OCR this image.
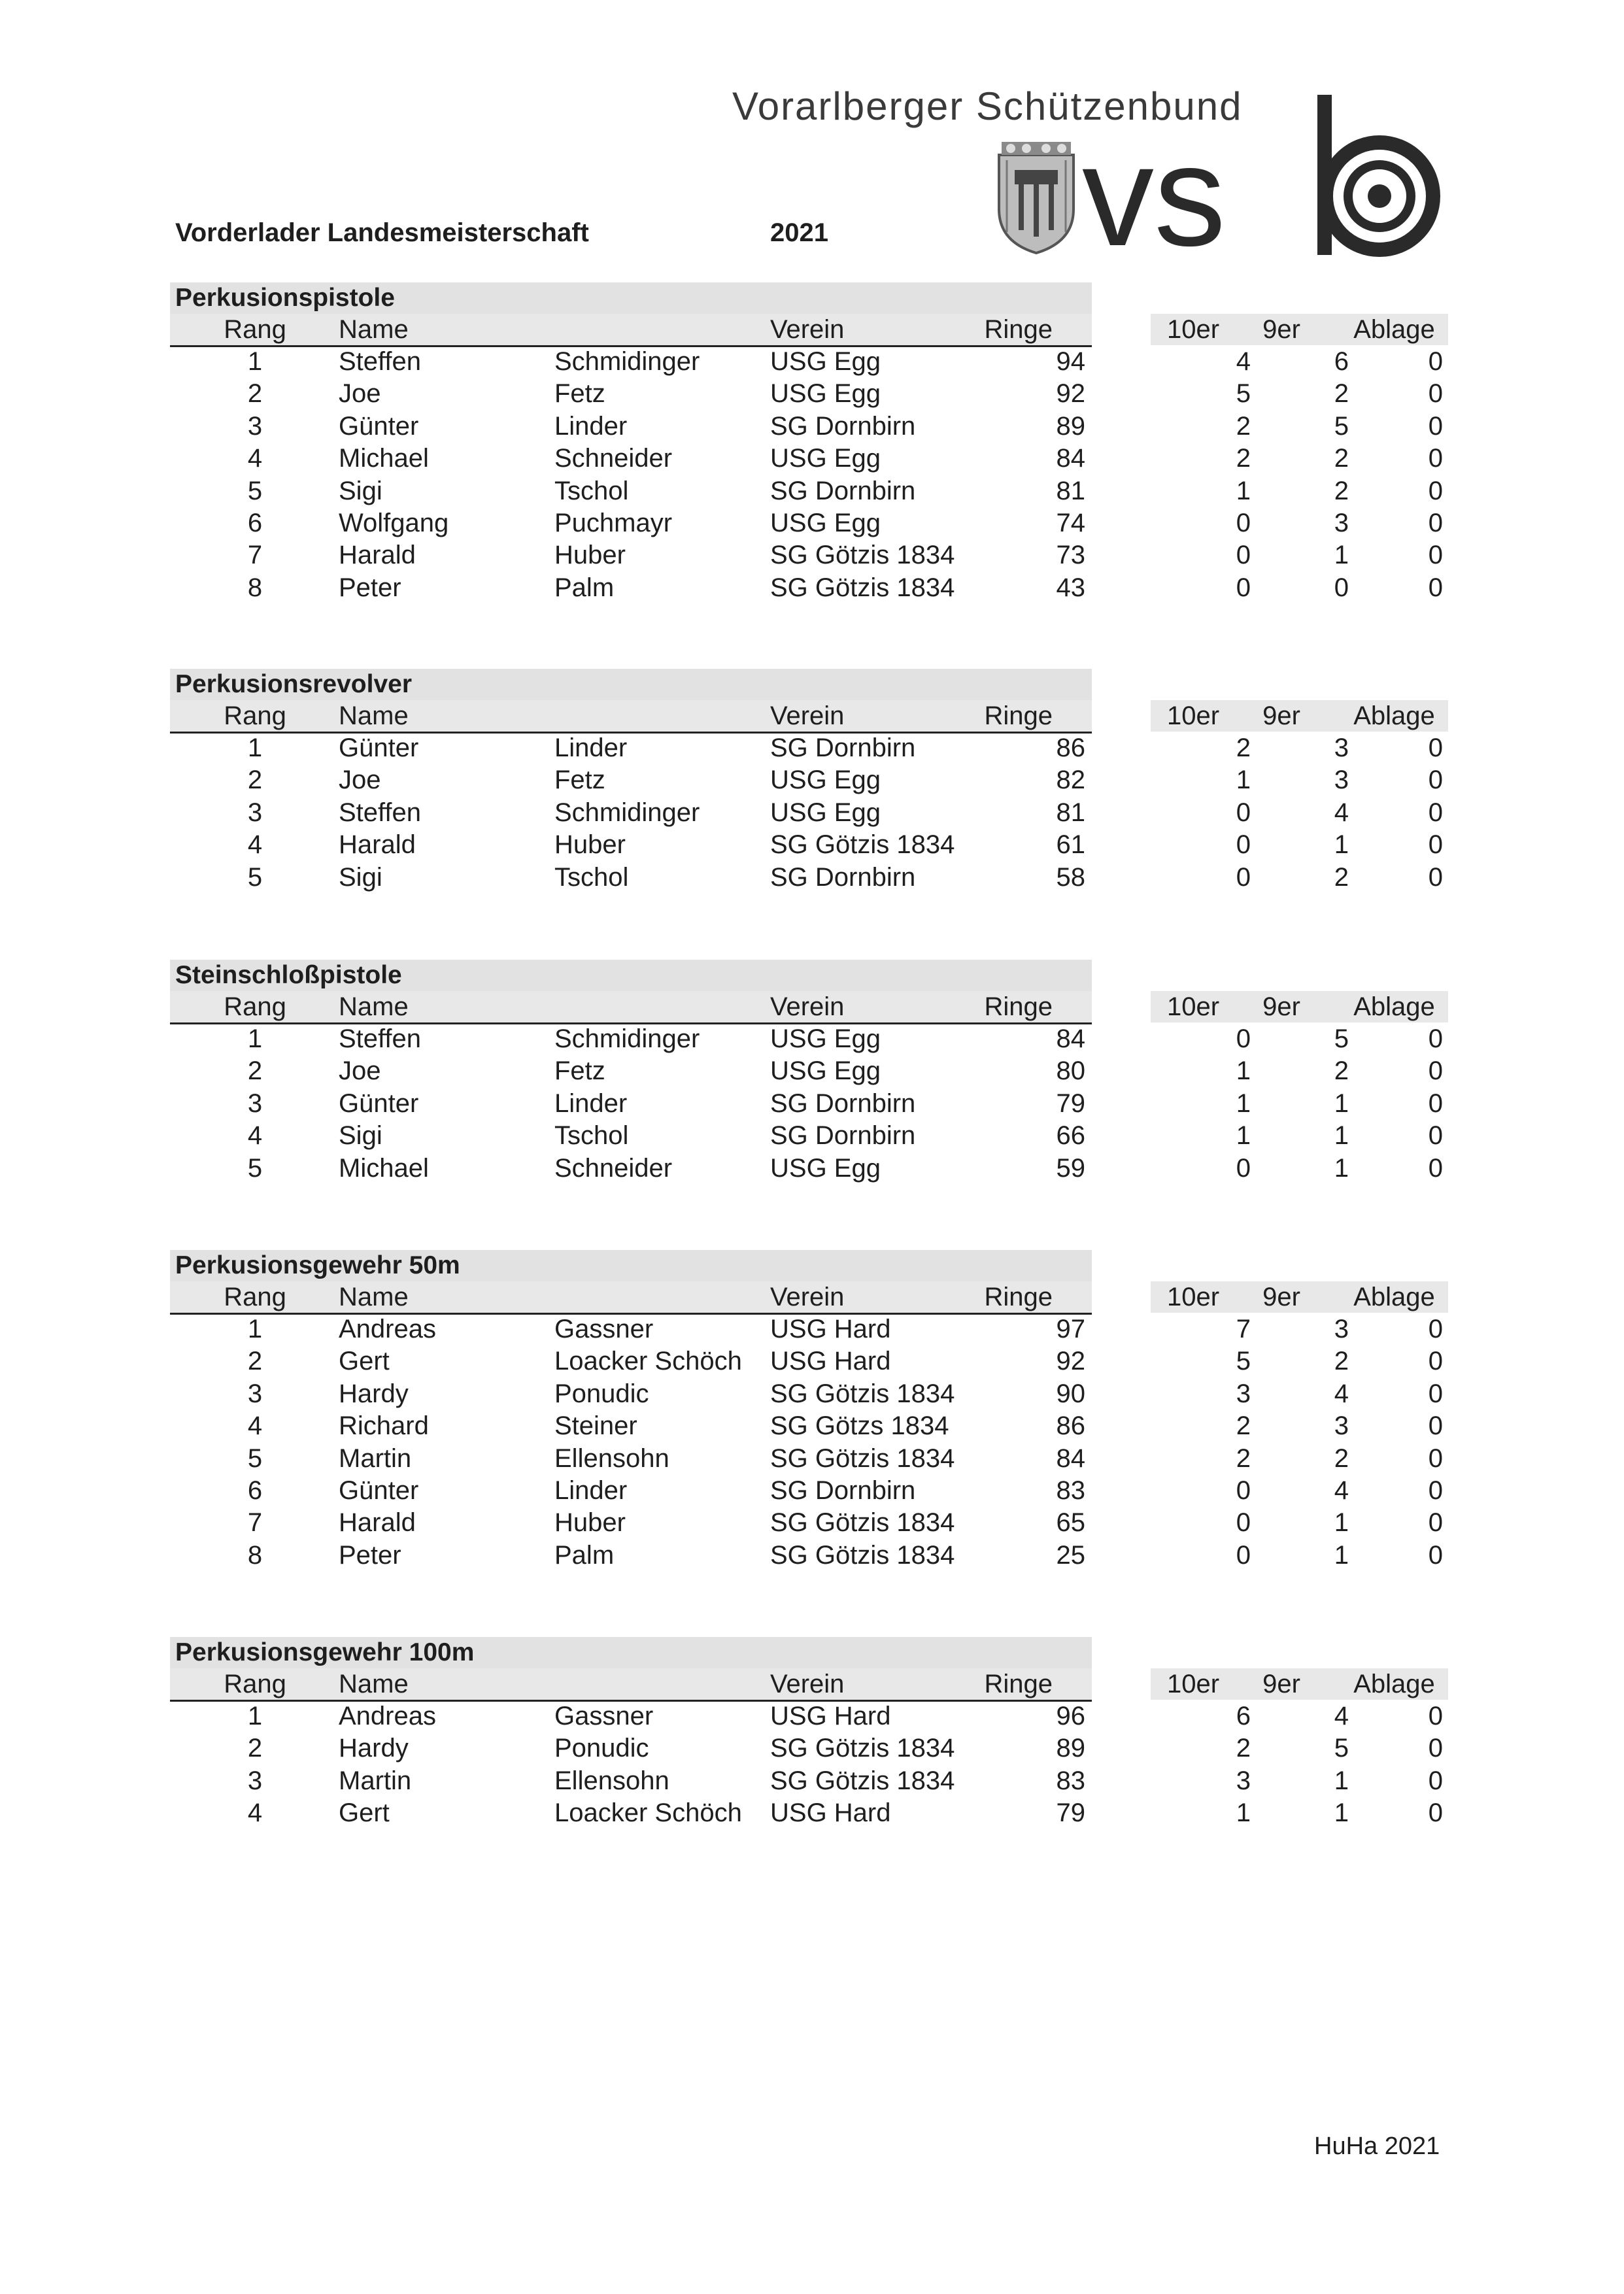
Vorarlberger Schützenbund
vs
Vorderlader Landesmeisterschaft	2021
Perkusionspistole
Rang	Name	Verein	Ringe	10er	9er	Ablage
1	Steffen	Schmidinger	USG Egg	94	4	6	0
2	Joe	Fetz	USG Egg	92	5	2	0
3	Günter	Linder	SG Dornbirn	89	2	5	0
4	Michael	Schneider	USG Egg	84	2	2	0
5	Sigi	Tschol	SG Dornbirn	81	1	2	0
6	Wolfgang	Puchmayr	USG Egg	74	0	3	0
7	Harald	Huber	SG Götzis 1834	73	0	1	0
8	Peter	Palm	SG Götzis 1834	43	0	0	0
Perkusionsrevolver
Rang	Name	Verein	Ringe	10er	9er	Ablage
1	Günter	Linder	SG Dornbirn	86	2	3	0
2	Joe	Fetz	USG Egg	82	1	3	0
3	Steffen	Schmidinger	USG Egg	81	0	4	0
4	Harald	Huber	SG Götzis 1834	61	0	1	0
5	Sigi	Tschol	SG Dornbirn	58	0	2	0
Steinschloßpistole
Rang	Name	Verein	Ringe	10er	9er	Ablage
1	Steffen	Schmidinger	USG Egg	84	0	5	0
2	Joe	Fetz	USG Egg	80	1	2	0
3	Günter	Linder	SG Dornbirn	79	1	1	0
4	Sigi	Tschol	SG Dornbirn	66	1	1	0
5	Michael	Schneider	USG Egg	59	0	1	0
Perkusionsgewehr 50m
Rang	Name	Verein	Ringe	10er	9er	Ablage
1	Andreas	Gassner	USG Hard	97	7	3	0
2	Gert	Loacker Schöch	USG Hard	92	5	2	0
3	Hardy	Ponudic	SG Götzis 1834	90	3	4	0
4	Richard	Steiner	SG Götzs 1834	86	2	3	0
5	Martin	Ellensohn	SG Götzis 1834	84	2	2	0
6	Günter	Linder	SG Dornbirn	83	0	4	0
7	Harald	Huber	SG Götzis 1834	65	0	1	0
8	Peter	Palm	SG Götzis 1834	25	0	1	0
Perkusionsgewehr 100m
Rang	Name	Verein	Ringe	10er	9er	Ablage
1	Andreas	Gassner	USG Hard	96	6	4	0
2	Hardy	Ponudic	SG Götzis 1834	89	2	5	0
3	Martin	Ellensohn	SG Götzis 1834	83	3	1	0
4	Gert	Loacker Schöch	USG Hard	79	1	1	0
HuHa 2021
